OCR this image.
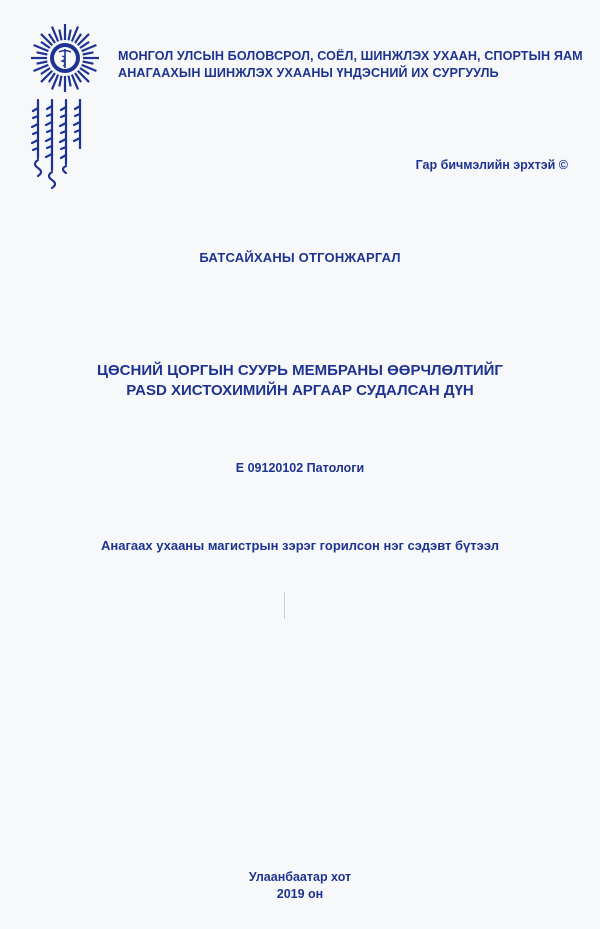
МОНГОЛ УЛСЫН БОЛОВСРОЛ, СОЁЛ, ШИНЖЛЭХ УХААН, СПОРТЫН ЯАМ
АНАГААХЫН ШИНЖЛЭХ УХААНЫ ҮНДЭСНИЙ ИХ СУРГУУЛЬ
Гар бичмэлийн эрхтэй ©
БАТСАЙХАНЫ ОТГОНЖАРГАЛ
ЦӨСНИЙ ЦОРГЫН СУУРЬ МЕМБРАНЫ ӨӨРЧЛӨЛТИЙГ
PASD ХИСТОХИМИЙН АРГААР СУДАЛСАН ДҮН
Е 09120102 Патологи
Анагаах ухааны магистрын зэрэг горилсон нэг сэдэвт бүтээл
Улаанбаатар хот
2019 он
